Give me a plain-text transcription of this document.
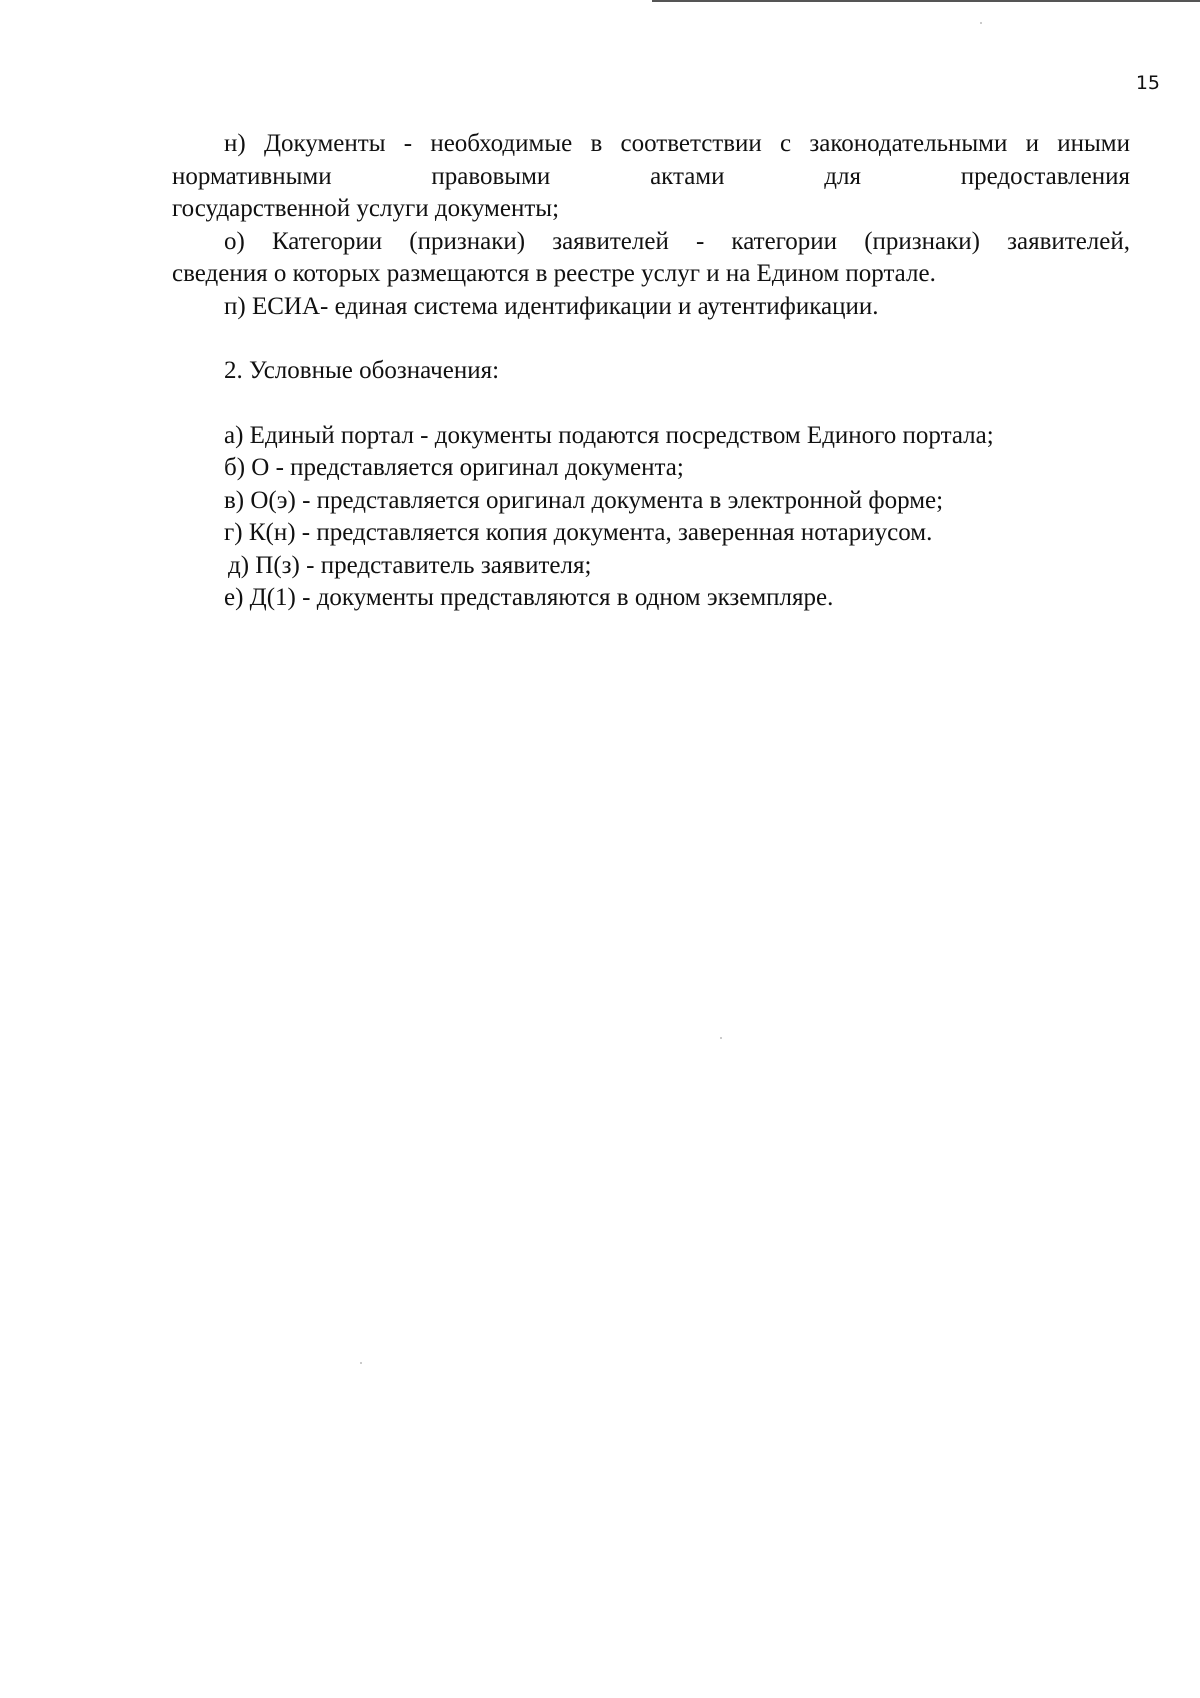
15

н) Документы - необходимые в соответствии с законодательными и иными нормативными правовыми актами для предоставления

государственной услуги документы;

о) Категории (признаки) заявителей - категории (признаки) заявителей,

сведения о которых размещаются в реестре услуг и на Едином портале.

п) ЕСИА- единая система идентификации и аутентификации.

2. Условные обозначения:

а) Единый портал - документы подаются посредством Единого портала;

б) О - представляется оригинал документа;

в) О(э) - представляется оригинал документа в электронной форме;

г) К(н) - представляется копия документа, заверенная нотариусом.

д) П(з) - представитель заявителя;

е) Д(1) - документы представляются в одном экземпляре.
